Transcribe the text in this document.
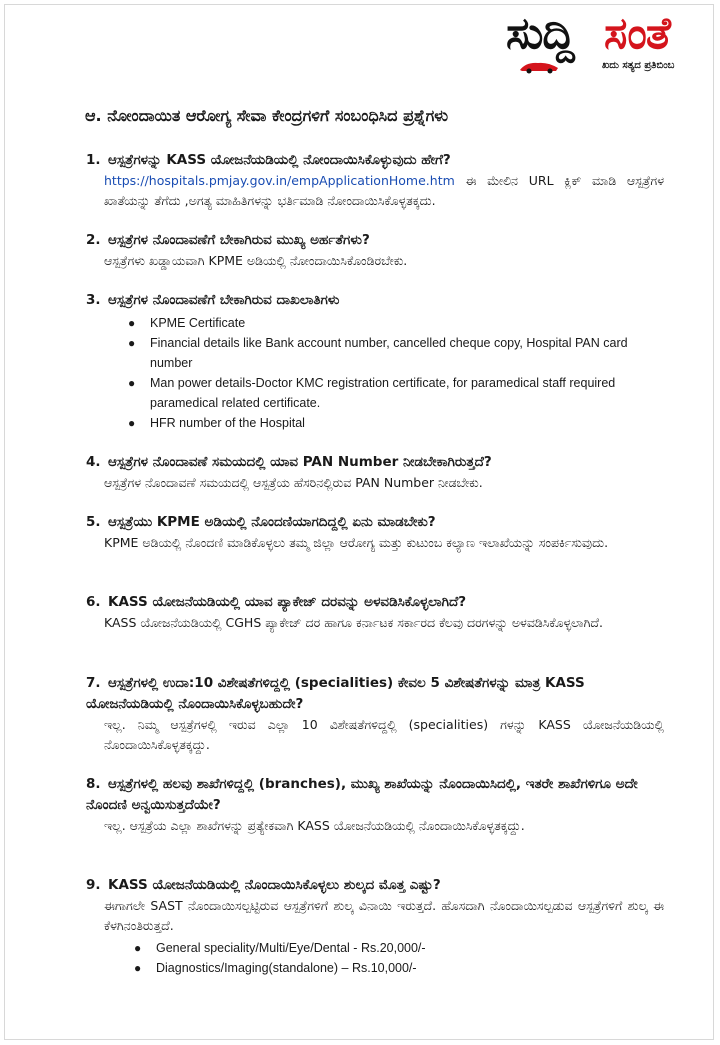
ಸುದ್ದಿ ಸಂತೆ
ಖದು ಸತ್ಯದ ಪ್ರತಿಬಿಂಬ
ಆ. ನೋಂದಾಯಿತ ಆರೋಗ್ಯ ಸೇವಾ ಕೇಂದ್ರಗಳಿಗೆ ಸಂಬಂಧಿಸಿದ ಪ್ರಶ್ನೆಗಳು
1. ಆಸ್ಪತ್ರೆಗಳನ್ನು KASS ಯೋಜನೆಯಡಿಯಲ್ಲಿ ನೋಂದಾಯಿಸಿಕೊಳ್ಳುವುದು ಹೇಗೆ?
https://hospitals.pmjay.gov.in/empApplicationHome.htm ಈ ಮೇಲಿನ URL ಕ್ಲಿಕ್ ಮಾಡಿ ಆಸ್ಪತ್ರೆಗಳ ಖಾತೆಯನ್ನು ತೆಗೆದು ,ಅಗತ್ಯ ಮಾಹಿತಿಗಳನ್ನು ಭರ್ತಿಮಾಡಿ ನೋಂದಾಯಿಸಿಕೊಳ್ಳತಕ್ಕದು.
2. ಆಸ್ಪತ್ರೆಗಳ ನೊಂದಾವಣೆಗೆ ಬೇಕಾಗಿರುವ ಮುಖ್ಯ ಅರ್ಹತೆಗಳು?
ಆಸ್ಪತ್ರೆಗಳು ಖಡ್ಡಾಯವಾಗಿ KPME ಅಡಿಯಲ್ಲಿ ನೋಂದಾಯಿಸಿಕೊಂಡಿರಬೇಕು.
3. ಆಸ್ಪತ್ರೆಗಳ ನೊಂದಾವಣೆಗೆ ಬೇಕಾಗಿರುವ ದಾಖಲಾತಿಗಳು
● KPME Certificate
● Financial details like Bank account number, cancelled cheque copy, Hospital PAN card number
● Man power details-Doctor KMC registration certificate, for paramedical staff required paramedical related certificate.
● HFR number of the Hospital
4. ಆಸ್ಪತ್ರೆಗಳ ನೊಂದಾವಣೆ ಸಮಯದಲ್ಲಿ ಯಾವ PAN Number ನೀಡಬೇಕಾಗಿರುತ್ತದೆ?
ಆಸ್ಪತ್ರೆಗಳ ನೊಂದಾವಣೆ ಸಮಯದಲ್ಲಿ ಆಸ್ಪತ್ರೆಯ ಹೆಸರಿನಲ್ಲಿರುವ PAN Number ನೀಡಬೇಕು.
5. ಆಸ್ಪತ್ರೆಯು KPME ಅಡಿಯಲ್ಲಿ ನೊಂದಣಿಯಾಗದಿದ್ದಲ್ಲಿ ಏನು ಮಾಡಬೇಕು?
KPME ಅಡಿಯಲ್ಲಿ ನೊಂದಣಿ ಮಾಡಿಕೊಳ್ಳಲು ತಮ್ಮ ಜಿಲ್ಲಾ ಆರೋಗ್ಯ ಮತ್ತು ಕುಟುಂಬ ಕಲ್ಯಾಣ ಇಲಾಖೆಯನ್ನು ಸಂಪರ್ಕಿಸುವುದು.
6. KASS ಯೋಜನೆಯಡಿಯಲ್ಲಿ ಯಾವ ಪ್ಯಾಕೇಜ್ ದರವನ್ನು ಅಳವಡಿಸಿಕೊಳ್ಳಲಾಗಿದೆ?
KASS ಯೋಜನೆಯಡಿಯಲ್ಲಿ CGHS ಪ್ಯಾಕೇಜ್ ದರ ಹಾಗೂ ಕರ್ನಾಟಕ ಸರ್ಕಾರದ ಕೆಲವು ದರಗಳನ್ನು ಅಳವಡಿಸಿಕೊಳ್ಳಲಾಗಿದೆ.
7. ಆಸ್ಪತ್ರೆಗಳಲ್ಲಿ ಉದಾ:10 ವಿಶೇಷತೆಗಳಿದ್ದಲ್ಲಿ (specialities) ಕೇವಲ 5 ವಿಶೇಷತೆಗಳನ್ನು ಮಾತ್ರ KASS ಯೋಜನೆಯಡಿಯಲ್ಲಿ ನೊಂದಾಯಿಸಿಕೊಳ್ಳಬಹುದೇ?
ಇಲ್ಲ. ನಿಮ್ಮ ಆಸ್ಪತ್ರೆಗಳಲ್ಲಿ ಇರುವ ಎಲ್ಲಾ 10 ವಿಶೇಷತೆಗಳಿದ್ದಲ್ಲಿ (specialities) ಗಳನ್ನು KASS ಯೋಜನೆಯಡಿಯಲ್ಲಿ ನೊಂದಾಯಿಸಿಕೊಳ್ಳತಕ್ಕದ್ದು.
8. ಆಸ್ಪತ್ರೆಗಳಲ್ಲಿ ಹಲವು ಶಾಖೆಗಳಿದ್ದಲ್ಲಿ (branches), ಮುಖ್ಯ ಶಾಖೆಯನ್ನು ನೊಂದಾಯಿಸಿದಲ್ಲಿ, ಇತರೇ ಶಾಖೆಗಳಿಗೂ ಅದೇ ನೊಂದಣಿ ಅನ್ವಯಿಸುತ್ತದೆಯೇ?
ಇಲ್ಲ. ಆಸ್ಪತ್ರೆಯ ಎಲ್ಲಾ ಶಾಖೆಗಳನ್ನು ಪ್ರತ್ಯೇಕವಾಗಿ KASS ಯೋಜನೆಯಡಿಯಲ್ಲಿ ನೊಂದಾಯಿಸಿಕೊಳ್ಳತಕ್ಕದ್ದು.
9. KASS ಯೋಜನೆಯಡಿಯಲ್ಲಿ ನೊಂದಾಯಿಸಿಕೊಳ್ಳಲು ಶುಲ್ಕದ ಮೊತ್ತ ಎಷ್ಟು?
ಈಗಾಗಲೇ SAST ನೊಂದಾಯಿಸಲ್ಪಟ್ಟಿರುವ ಆಸ್ಪತ್ರೆಗಳಿಗೆ ಶುಲ್ಕ ವಿನಾಯಿ ಇರುತ್ತದೆ. ಹೊಸದಾಗಿ ನೊಂದಾಯಿಸಲ್ಪಡುವ ಆಸ್ಪತ್ರೆಗಳಿಗೆ ಶುಲ್ಕ ಈ ಕೆಳಗಿನಂತಿರುತ್ತದೆ.
● General speciality/Multi/Eye/Dental - Rs.20,000/-
● Diagnostics/Imaging(standalone) – Rs.10,000/-
